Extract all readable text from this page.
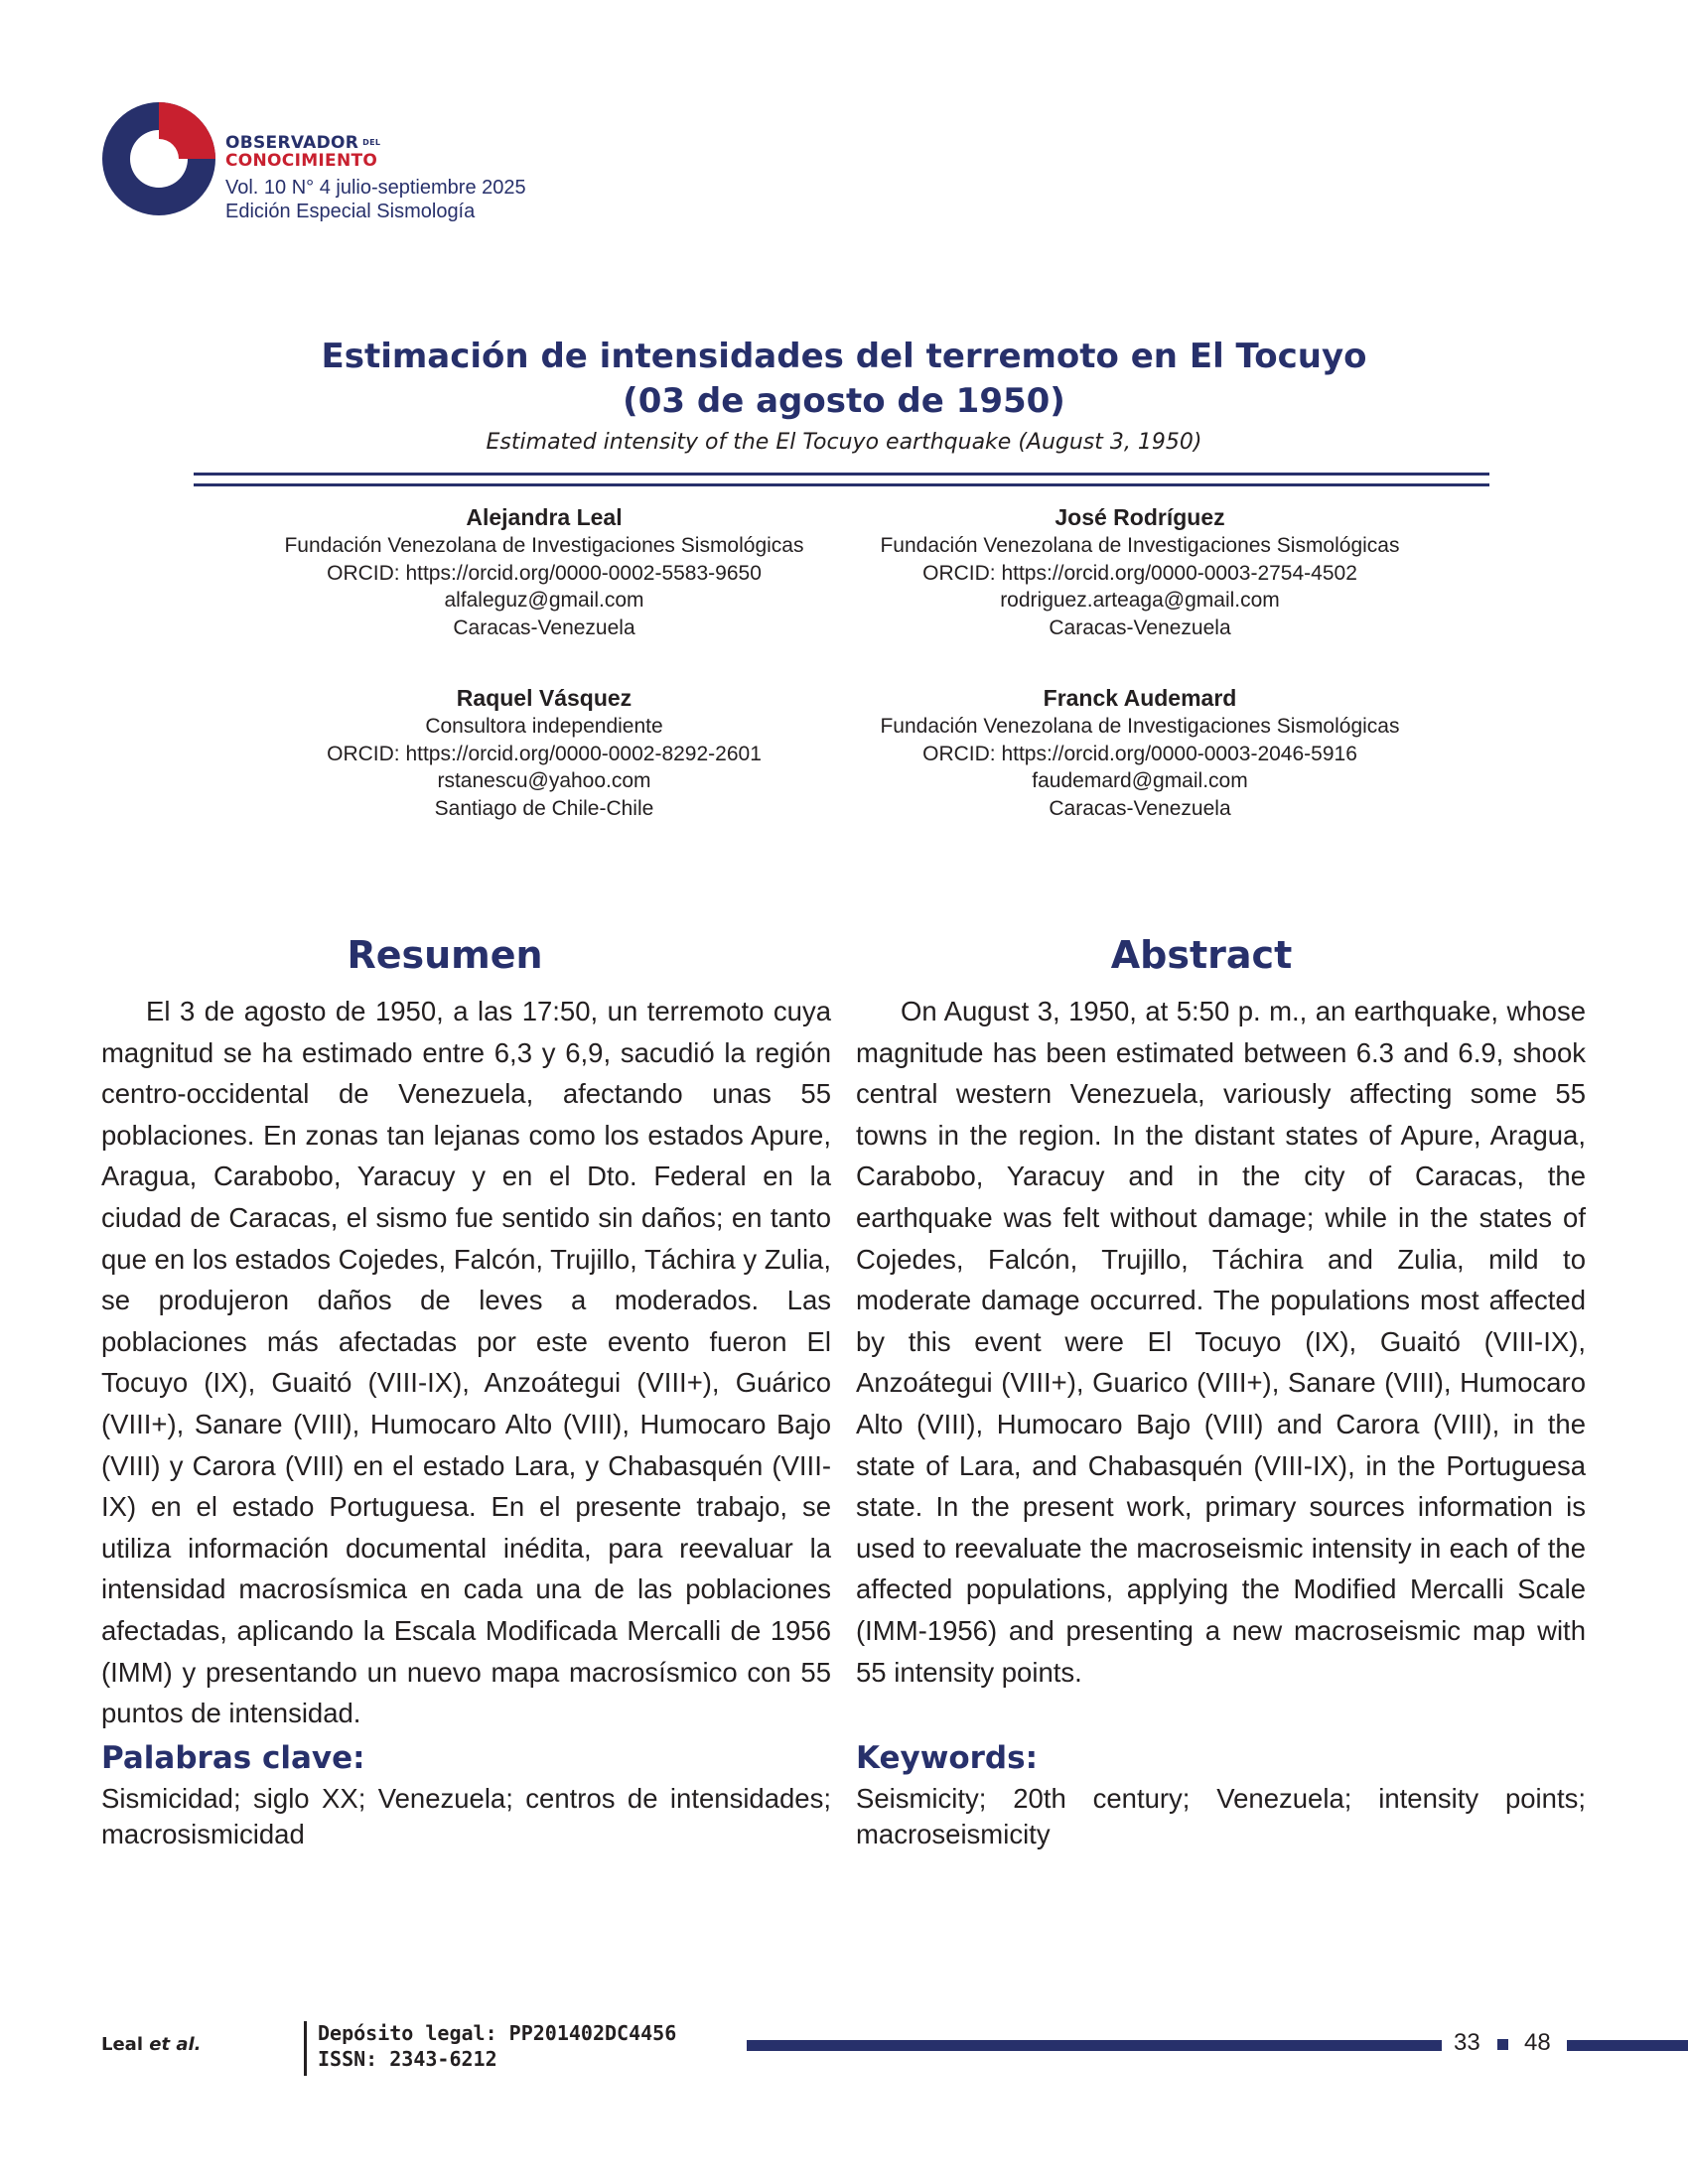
OBSERVADOR $^{DEL}$
CONOCIMIENTO
Vol. 10 N° 4 julio-septiembre 2025
Edición Especial Sismología
Estimación de intensidades del terremoto en El Tocuyo
(03 de agosto de 1950)
Estimated intensity of the El Tocuyo earthquake (August 3, 1950)
Alejandra Leal
Fundación Venezolana de Investigaciones Sismológicas
ORCID: https://orcid.org/0000-0002-5583-9650
alfaleguz@gmail.com
Caracas-Venezuela
José Rodríguez
Fundación Venezolana de Investigaciones Sismológicas
ORCID: https://orcid.org/0000-0003-2754-4502
rodriguez.arteaga@gmail.com
Caracas-Venezuela
Raquel Vásquez
Consultora independiente
ORCID: https://orcid.org/0000-0002-8292-2601
rstanescu@yahoo.com
Santiago de Chile-Chile
Franck Audemard
Fundación Venezolana de Investigaciones Sismológicas
ORCID: https://orcid.org/0000-0003-2046-5916
faudemard@gmail.com
Caracas-Venezuela
Resumen

El 3 de agosto de 1950, a las 17:50, un terremoto cuya magnitud se ha estimado entre 6,3 y 6,9, sacudió la región centro-occidental de Venezuela, afectando unas 55 poblaciones. En zonas tan lejanas como los estados Apure, Aragua, Carabobo, Yaracuy y en el Dto. Federal en la ciudad de Caracas, el sismo fue sentido sin daños; en tanto que en los estados Cojedes, Falcón, Trujillo, Táchira y Zulia, se produjeron daños de leves a moderados. Las poblaciones más afectadas por este evento fueron El Tocuyo (IX), Guaitó (VIII-IX), Anzoátegui (VIII+), Guárico (VIII+), Sanare (VIII), Humocaro Alto (VIII), Humocaro Bajo (VIII) y Carora (VIII) en el estado Lara, y Chabasquén (VIII-IX) en el estado Portuguesa. En el presente trabajo, se utiliza información documental inédita, para reevaluar la intensidad macrosísmica en cada una de las poblaciones afectadas, aplicando la Escala Modificada Mercalli de 1956 (IMM) y presentando un nuevo mapa macrosísmico con 55 puntos de intensidad.

Palabras clave:

Sismicidad; siglo XX; Venezuela; centros de intensidades; macrosismicidad

Abstract

On August 3, 1950, at 5:50 p. m., an earthquake, whose magnitude has been estimated between 6.3 and 6.9, shook central western Venezuela, variously affecting some 55 towns in the region. In the distant states of Apure, Aragua, Carabobo, Yaracuy and in the city of Caracas, the earthquake was felt without damage; while in the states of Cojedes, Falcón, Trujillo, Táchira and Zulia, mild to moderate damage occurred. The populations most affected by this event were El Tocuyo (IX), Guaitó (VIII-IX), Anzoátegui (VIII+), Guarico (VIII+), Sanare (VIII), Humocaro Alto (VIII), Humocaro Bajo (VIII) and Carora (VIII), in the state of Lara, and Chabasquén (VIII-IX), in the Portuguesa state. In the present work, primary sources information is used to reevaluate the macroseismic intensity in each of the affected populations, applying the Modified Mercalli Scale (IMM-1956) and presenting a new macroseismic map with 55 intensity points.

Keywords:

Seismicity; 20th century; Venezuela; intensity points; macroseismicity

Leal et al.	Depósito legal: PP201402DC4456
ISSN: 2343-6212
33 48
